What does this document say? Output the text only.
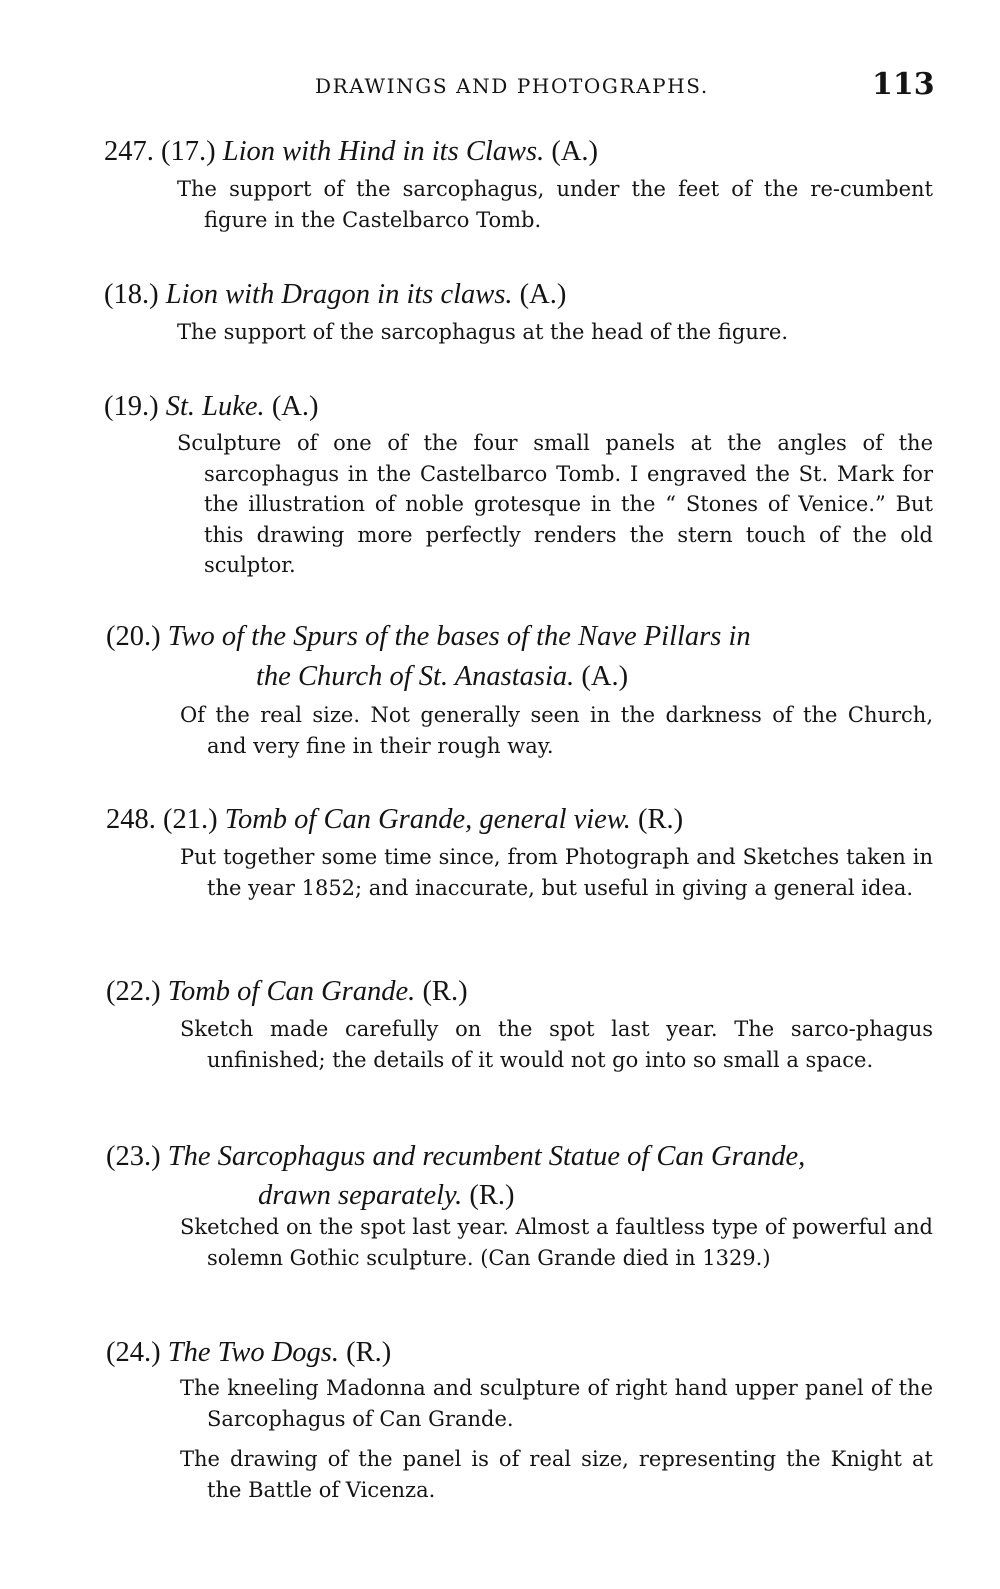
DRAWINGS AND PHOTOGRAPHS.	113
247. (17.) Lion with Hind in its Claws. (A.)

The support of the sarcophagus, under the feet of the re-cumbent figure in the Castelbarco Tomb.

(18.) Lion with Dragon in its claws. (A.)

The support of the sarcophagus at the head of the figure.

(19.) St. Luke. (A.)

Sculpture of one of the four small panels at the angles of the sarcophagus in the Castelbarco Tomb. I engraved the St. Mark for the illustration of noble grotesque in the “ Stones of Venice.” But this drawing more perfectly renders the stern touch of the old sculptor.

(20.) Two of the Spurs of the bases of the Nave Pillars in
the Church of St. Anastasia. (A.)

Of the real size. Not generally seen in the darkness of the Church, and very fine in their rough way.

248. (21.) Tomb of Can Grande, general view. (R.)

Put together some time since, from Photograph and Sketches taken in the year 1852; and inaccurate, but useful in giving a general idea.

(22.) Tomb of Can Grande. (R.)

Sketch made carefully on the spot last year. The sarco-phagus unfinished; the details of it would not go into so small a space.

(23.) The Sarcophagus and recumbent Statue of Can Grande,
drawn separately. (R.)

Sketched on the spot last year. Almost a faultless type of powerful and solemn Gothic sculpture. (Can Grande died in 1329.)

(24.) The Two Dogs. (R.)

The kneeling Madonna and sculpture of right hand upper panel of the Sarcophagus of Can Grande.

The drawing of the panel is of real size, representing the Knight at the Battle of Vicenza.
